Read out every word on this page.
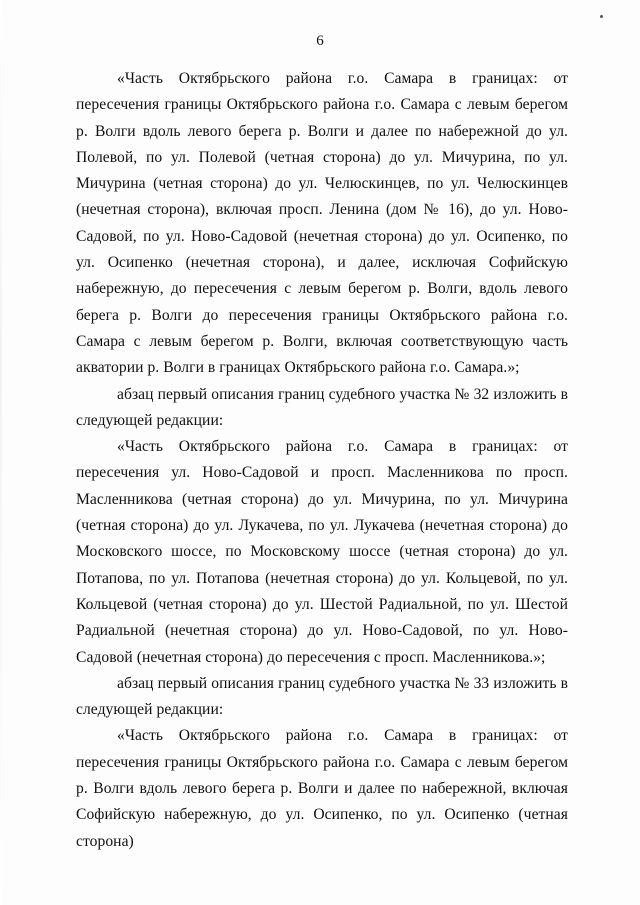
6

«Часть Октябрьского района г.о. Самара в границах: от пересечения границы Октябрьского района г.о. Самара с левым берегом р. Волги вдоль левого берега р. Волги и далее по набережной до ул. Полевой, по ул. Полевой (четная сторона) до ул. Мичурина, по ул. Мичурина (четная сторона) до ул. Челюскинцев, по ул. Челюскинцев (нечетная сторона), включая просп. Ленина (дом № 16), до ул. Ново-Садовой, по ул. Ново-Садовой (нечетная сторона) до ул. Осипенко, по ул. Осипенко (нечетная сторона), и далее, исключая Софийскую набережную, до пересечения с левым берегом р. Волги, вдоль левого берега р. Волги до пересечения границы Октябрьского района г.о. Самара с левым берегом р. Волги, включая соответствующую часть акватории р. Волги в границах Октябрьского района г.о. Самара.»;

абзац первый описания границ судебного участка № 32 изложить в следующей редакции:

«Часть Октябрьского района г.о. Самара в границах: от пересечения ул. Ново-Садовой и просп. Масленникова по просп. Масленникова (четная сторона) до ул. Мичурина, по ул. Мичурина (четная сторона) до ул. Лукачева, по ул. Лукачева (нечетная сторона) до Московского шоссе, по Московскому шоссе (четная сторона) до ул. Потапова, по ул. Потапова (нечетная сторона) до ул. Кольцевой, по ул. Кольцевой (четная сторона) до ул. Шестой Радиальной, по ул. Шестой Радиальной (нечетная сторона) до ул. Ново-Садовой, по ул. Ново-Садовой (нечетная сторона) до пересечения с просп. Масленникова.»;

абзац первый описания границ судебного участка № 33 изложить в следующей редакции:

«Часть Октябрьского района г.о. Самара в границах: от пересечения границы Октябрьского района г.о. Самара с левым берегом р. Волги вдоль левого берега р. Волги и далее по набережной, включая Софийскую набережную, до ул. Осипенко, по ул. Осипенко (четная сторона)
